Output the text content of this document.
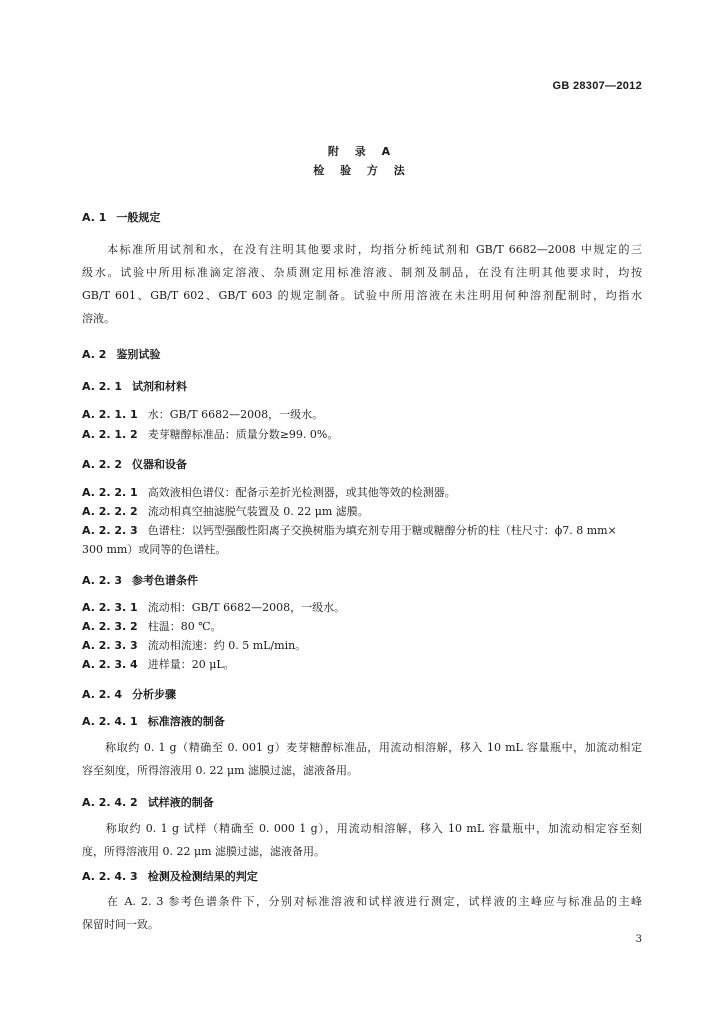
GB 28307—2012
附 录 A
检 验 方 法
A. 1 一般规定
　　本标准所用试剂和水，在没有注明其他要求时，均指分析纯试剂和 GB/T 6682—2008 中规定的三
级水。试验中所用标准滴定溶液、杂质测定用标准溶液、制剂及制品，在没有注明其他要求时，均按
GB/T 601、GB/T 602、GB/T 603 的规定制备。试验中所用溶液在未注明用何种溶剂配制时，均指水
溶液。
A. 2 鉴别试验
A. 2. 1 试剂和材料
A. 2. 1. 1 水：GB/T 6682—2008，一级水。
A. 2. 1. 2 麦芽糖醇标准品：质量分数≥99. 0%。
A. 2. 2 仪器和设备
A. 2. 2. 1 高效液相色谱仪：配备示差折光检测器，或其他等效的检测器。
A. 2. 2. 2 流动相真空抽滤脱气装置及 0. 22 μm 滤膜。
A. 2. 2. 3 色谱柱：以钙型强酸性阳离子交换树脂为填充剂专用于糖或糖醇分析的柱（柱尺寸：ϕ7. 8 mm×
300 mm）或同等的色谱柱。
A. 2. 3 参考色谱条件
A. 2. 3. 1 流动相：GB/T 6682—2008，一级水。
A. 2. 3. 2 柱温：80 ℃。
A. 2. 3. 3 流动相流速：约 0. 5 mL/min。
A. 2. 3. 4 进样量：20 μL。
A. 2. 4 分析步骤
A. 2. 4. 1 标准溶液的制备
　　称取约 0. 1 g（精确至 0. 001 g）麦芽糖醇标准品，用流动相溶解，移入 10 mL 容量瓶中，加流动相定
容至刻度，所得溶液用 0. 22 μm 滤膜过滤，滤液备用。
A. 2. 4. 2 试样液的制备
　　称取约 0. 1 g 试样（精确至 0. 000 1 g），用流动相溶解，移入 10 mL 容量瓶中，加流动相定容至刻
度，所得溶液用 0. 22 μm 滤膜过滤，滤液备用。
A. 2. 4. 3 检测及检测结果的判定
　　在 A. 2. 3 参考色谱条件下，分别对标准溶液和试样液进行测定，试样液的主峰应与标准品的主峰
保留时间一致。
3
